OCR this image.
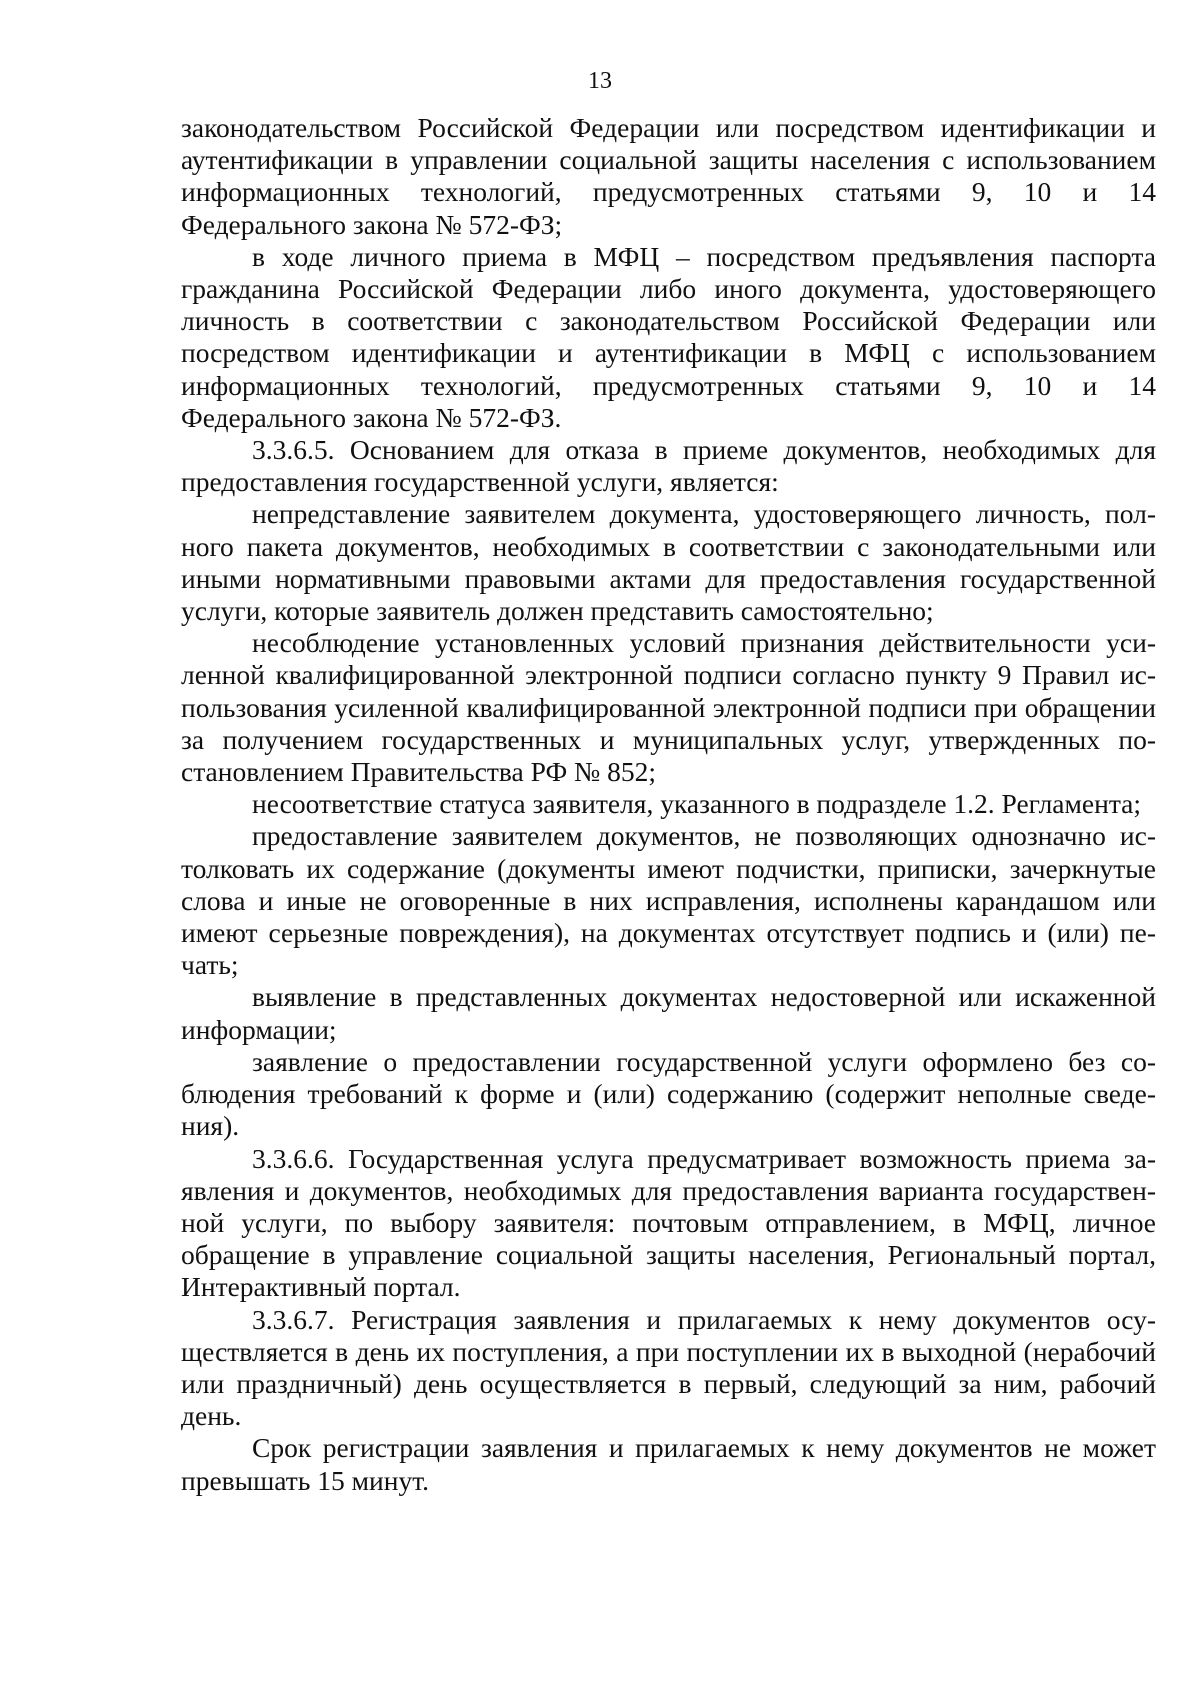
13

законодательством Российской Федерации или посредством идентификации и аутентификации в управлении социальной защиты населения с использованием информационных технологий, предусмотренных статьями 9, 10 и 14 Федерального закона № 572-ФЗ;

в ходе личного приема в МФЦ – посредством предъявления паспорта гражданина Российской Федерации либо иного документа, удостоверяющего личность в соответствии с законодательством Российской Федерации или посредством идентификации и аутентификации в МФЦ с использованием информационных технологий, предусмотренных статьями 9, 10 и 14 Федерального закона № 572-ФЗ.

3.3.6.5. Основанием для отказа в приеме документов, необходимых для предоставления государственной услуги, является:

непредставление заявителем документа, удостоверяющего личность, полного пакета документов, необходимых в соответствии с законодательными или иными нормативными правовыми актами для предоставления государственной услуги, которые заявитель должен представить самостоятельно;

несоблюдение установленных условий признания действительности усиленной квалифицированной электронной подписи согласно пункту 9 Правил использования усиленной квалифицированной электронной подписи при обращении за получением государственных и муниципальных услуг, утвержденных постановлением Правительства РФ № 852;

несоответствие статуса заявителя, указанного в подразделе 1.2. Регламента;

предоставление заявителем документов, не позволяющих однозначно истолковать их содержание (документы имеют подчистки, приписки, зачеркнутые слова и иные не оговоренные в них исправления, исполнены карандашом или имеют серьезные повреждения), на документах отсутствует подпись и (или) печать;

выявление в представленных документах недостоверной или искаженной информации;

заявление о предоставлении государственной услуги оформлено без соблюдения требований к форме и (или) содержанию (содержит неполные сведения).

3.3.6.6. Государственная услуга предусматривает возможность приема заявления и документов, необходимых для предоставления варианта государственной услуги, по выбору заявителя: почтовым отправлением, в МФЦ, личное обращение в управление социальной защиты населения, Региональный портал, Интерактивный портал.

3.3.6.7. Регистрация заявления и прилагаемых к нему документов осуществляется в день их поступления, а при поступлении их в выходной (нерабочий или праздничный) день осуществляется в первый, следующий за ним, рабочий день.

Срок регистрации заявления и прилагаемых к нему документов не может превышать 15 минут.
